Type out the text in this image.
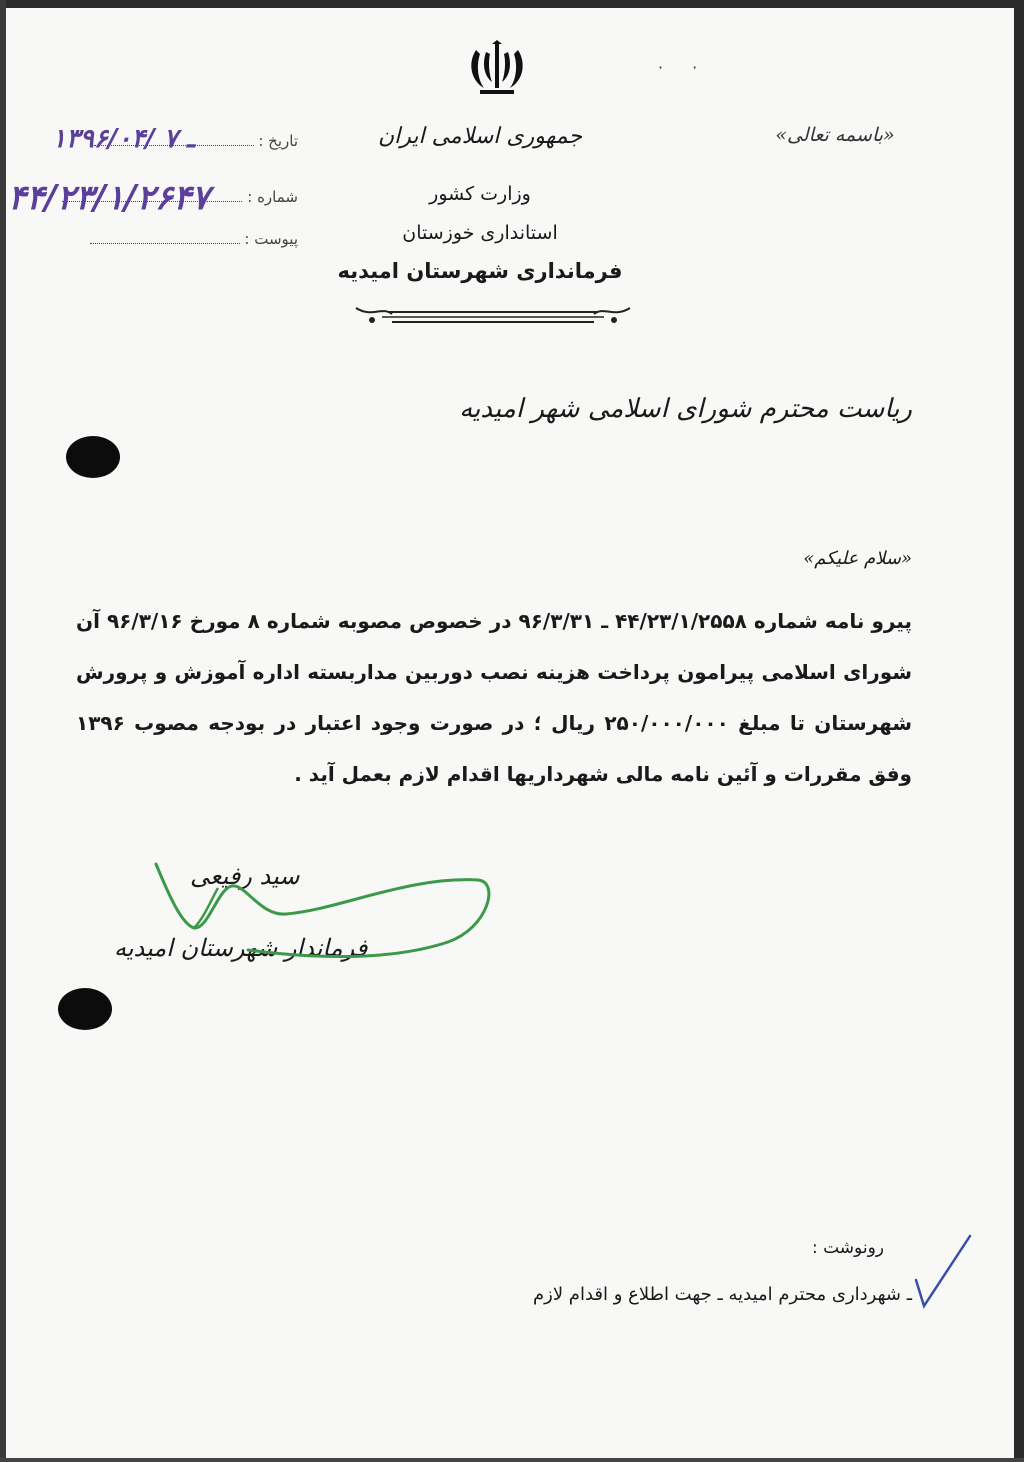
· ·
«باسمه تعالی»
جمهوری اسلامی ایران
وزارت کشور
استانداری خوزستان
فرمانداری شهرستان امیدیه
تاریخ :
شماره :
پیوست :
۱۳۹۶/۰۴/ ـ ۷
۴۴/۲۳/۱/۲۶۴۷
ریاست محترم شورای اسلامی شهر امیدیه
«سلام علیکم»
پیرو نامه شماره ۴۴/۲۳/۱/۲۵۵۸ ـ ۹۶/۳/۳۱ در خصوص مصوبه شماره ۸ مورخ ۹۶/۳/۱۶ آن شورای اسلامی پیرامون پرداخت هزینه نصب دوربین مداربسته اداره آموزش و پرورش شهرستان تا مبلغ ۲۵۰/۰۰۰/۰۰۰ ریال ؛ در صورت وجود اعتبار در بودجه مصوب ۱۳۹۶ وفق مقررات و آئین نامه مالی شهرداریها اقدام لازم بعمل آید .
سید رفیعی
فرماندار شهرستان امیدیه
رونوشت :
ـ شهرداری محترم امیدیه ـ جهت اطلاع و اقدام لازم
